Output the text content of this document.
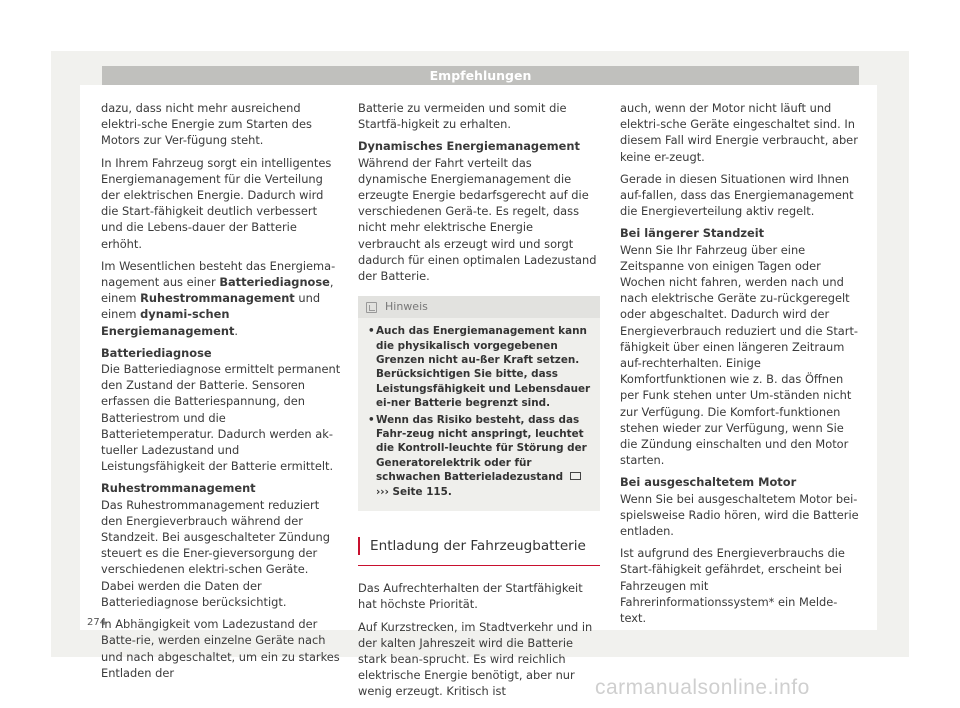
Empfehlungen

dazu, dass nicht mehr ausreichend elektri-sche Energie zum Starten des Motors zur Ver-fügung steht.

In Ihrem Fahrzeug sorgt ein intelligentes Energiemanagement für die Verteilung der elektrischen Energie. Dadurch wird die Start-fähigkeit deutlich verbessert und die Lebens-dauer der Batterie erhöht.

Im Wesentlichen besteht das Energiema-nagement aus einer Batteriediagnose, einem Ruhestrommanagement und einem dynami-schen Energiemanagement.

Batteriediagnose

Die Batteriediagnose ermittelt permanent den Zustand der Batterie. Sensoren erfassen die Batteriespannung, den Batteriestrom und die Batterietemperatur. Dadurch werden ak-tueller Ladezustand und Leistungsfähigkeit der Batterie ermittelt.

Ruhestrommanagement

Das Ruhestrommanagement reduziert den Energieverbrauch während der Standzeit. Bei ausgeschalteter Zündung steuert es die Ener-gieversorgung der verschiedenen elektri-schen Geräte. Dabei werden die Daten der Batteriediagnose berücksichtigt.

In Abhängigkeit vom Ladezustand der Batte-rie, werden einzelne Geräte nach und nach abgeschaltet, um ein zu starkes Entladen der

Batterie zu vermeiden und somit die Startfä-higkeit zu erhalten.

Dynamisches Energiemanagement

Während der Fahrt verteilt das dynamische Energiemanagement die erzeugte Energie bedarfsgerecht auf die verschiedenen Gerä-te. Es regelt, dass nicht mehr elektrische Energie verbraucht als erzeugt wird und sorgt dadurch für einen optimalen Ladezustand der Batterie.

Hinweis
• Auch das Energiemanagement kann die physikalisch vorgegebenen Grenzen nicht au-ßer Kraft setzen. Berücksichtigen Sie bitte, dass Leistungsfähigkeit und Lebensdauer ei-ner Batterie begrenzt sind.
• Wenn das Risiko besteht, dass das Fahr-zeug nicht anspringt, leuchtet die Kontroll-leuchte für Störung der Generatorelektrik oder für schwachen Batterieladezustand
››› Seite 115.
Entladung der Fahrzeugbatterie

Das Aufrechterhalten der Startfähigkeit hat höchste Priorität.

Auf Kurzstrecken, im Stadtverkehr und in der kalten Jahreszeit wird die Batterie stark bean-sprucht. Es wird reichlich elektrische Energie benötigt, aber nur wenig erzeugt. Kritisch ist

auch, wenn der Motor nicht läuft und elektri-sche Geräte eingeschaltet sind. In diesem Fall wird Energie verbraucht, aber keine er-zeugt.

Gerade in diesen Situationen wird Ihnen auf-fallen, dass das Energiemanagement die Energieverteilung aktiv regelt.

Bei längerer Standzeit

Wenn Sie Ihr Fahrzeug über eine Zeitspanne von einigen Tagen oder Wochen nicht fahren, werden nach und nach elektrische Geräte zu-rückgeregelt oder abgeschaltet. Dadurch wird der Energieverbrauch reduziert und die Start-fähigkeit über einen längeren Zeitraum auf-rechterhalten. Einige Komfortfunktionen wie z. B. das Öffnen per Funk stehen unter Um-ständen nicht zur Verfügung. Die Komfort-funktionen stehen wieder zur Verfügung, wenn Sie die Zündung einschalten und den Motor starten.

Bei ausgeschaltetem Motor

Wenn Sie bei ausgeschaltetem Motor bei-spielsweise Radio hören, wird die Batterie entladen.

Ist aufgrund des Energieverbrauchs die Start-fähigkeit gefährdet, erscheint bei Fahrzeugen mit Fahrerinformationssystem* ein Melde-text.

274
carmanualsonline.info
